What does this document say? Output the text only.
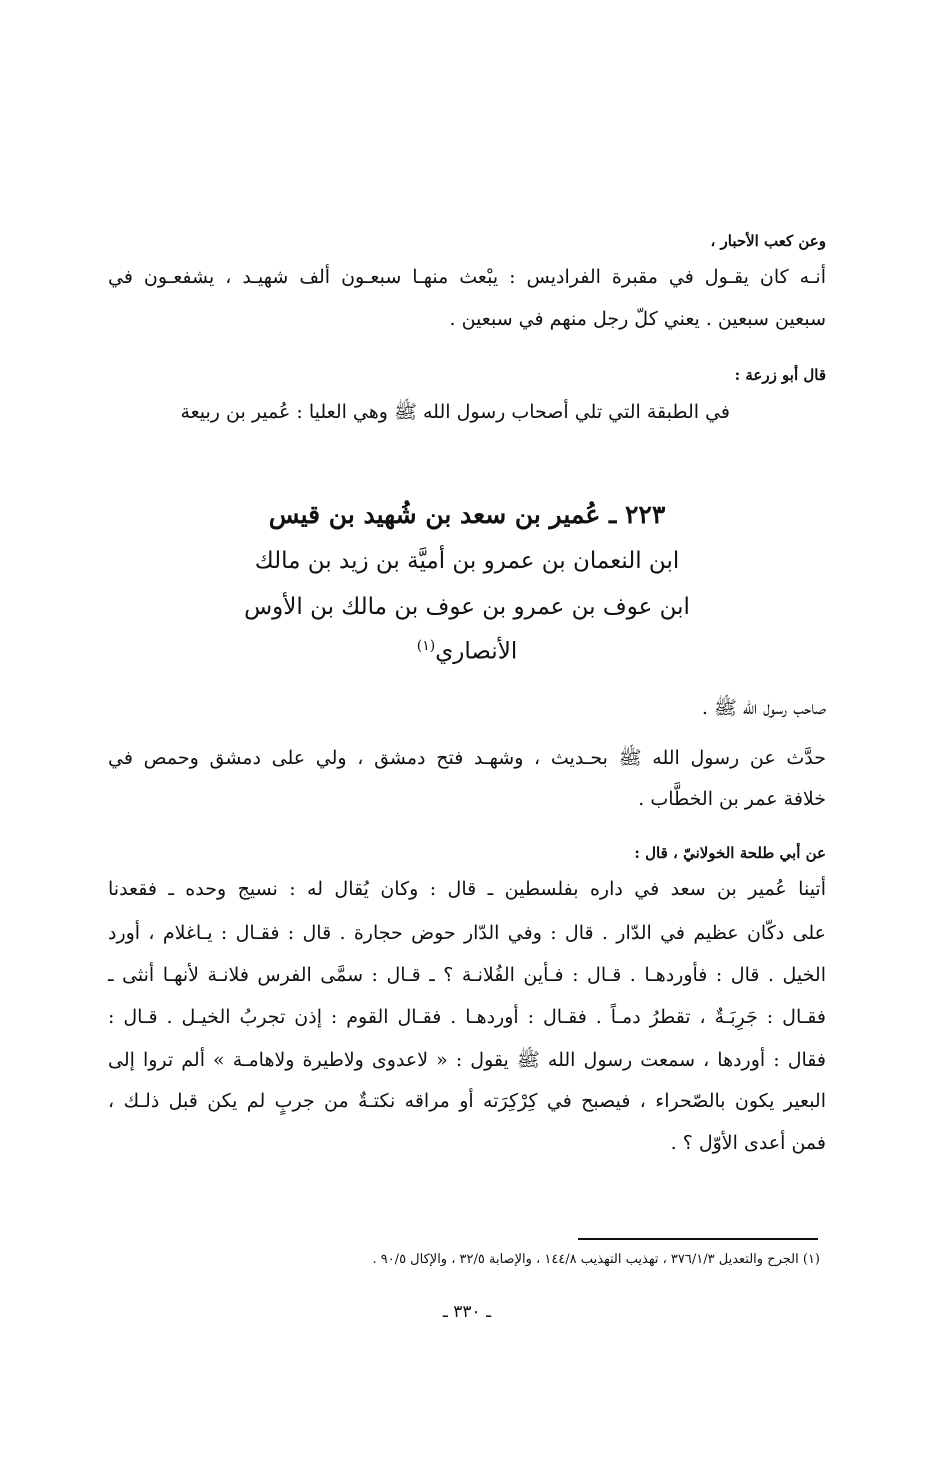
وعن كعب الأحبار ،
أنـه كان يقـول في مقبرة الفراديس : يبْعث منهـا سبعـون ألف شهيـد ، يشفعـون في
سبعين سبعين . يعني كلّ رجل منهم في سبعين .
قال أبو زرعة :
في الطبقة التي تلي أصحاب رسول الله ﷺ وهي العليا : عُمير بن ربيعة
٢٢٣ ـ عُمير بن سعد بن شُهيد بن قيس
ابن النعمان بن عمرو بن أميَّة بن زيد بن مالك
ابن عوف بن عمرو بن عوف بن مالك بن الأوس
الأنصاري$^{(١)}$
صاحب رسول الله ﷺ .
حدَّث عن رسول الله ﷺ بحـديث ، وشهـد فتح دمشق ، ولي على دمشق وحمص في
خلافة عمر بن الخطَّاب .
عن أبي طلحة الخولانيّ ، قال :
أتينا عُمير بن سعد في داره بفلسطين ـ قال : وكان يُقال له : نسيج وحده ـ فقعدنا
على دكّان عظيم في الدّار . قال : وفي الدّار حوض حجارة . قال : فقـال : يـاغلام ، أورد
الخيل . قال : فأوردهـا . قـال : فـأين الفُلانـة ؟ ـ قـال : سمَّى الفرس فلانـة لأنهـا أنثى ـ
فقـال : جَرِبَـةٌ ، تقطرُ دمـاً . فقـال : أوردهـا . فقـال القوم : إذن تجربُ الخيـل . قـال :
فقال : أوردها ، سمعت رسول الله ﷺ يقول : « لاعدوى ولاطيرة ولاهامـة » ألم تروا إلى
البعير يكون بالصّحراء ، فيصبح في كِرْكِرَته أو مراقه نكتـةٌ من جربٍ لم يكن قبل ذلـك ،
فمن أعدى الأوّل ؟ .
(١) الجرح والتعديل ٣٧٦/١/٣ ، تهذيب التهذيب ١٤٤/٨ ، والإصابة ٣٢/٥ ، والإكال ٩٠/٥ .
ـ ٣٣٠ ـ
